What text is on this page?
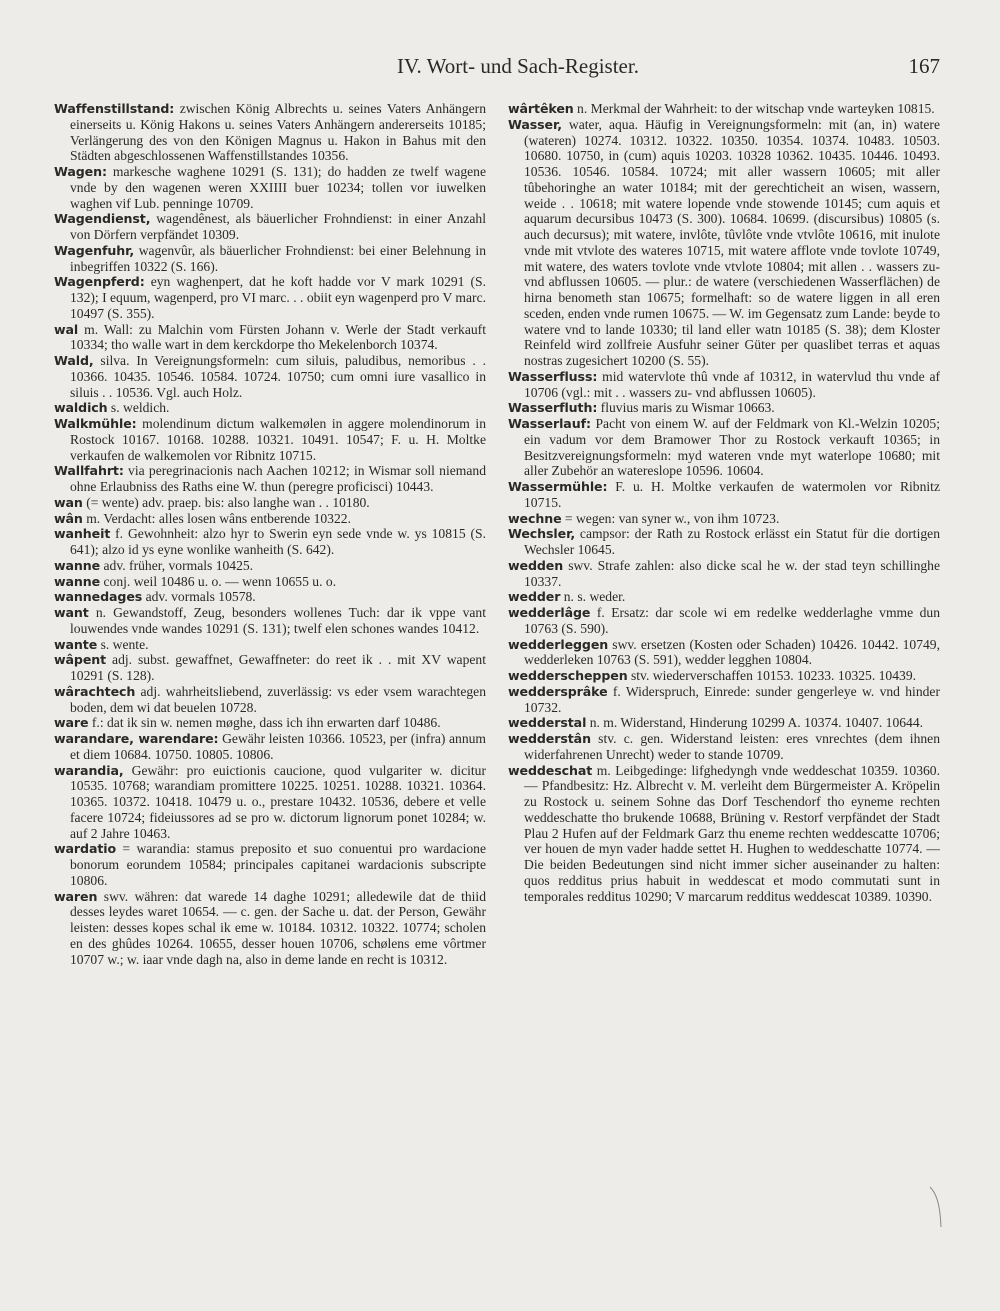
IV. Wort- und Sach-Register.	167

Waffenstillstand: zwischen König Albrechts u. seines Vaters Anhängern einerseits u. König Hakons u. seines Vaters Anhängern andererseits 10185; Verlängerung des von den Königen Magnus u. Hakon in Bahus mit den Städten abgeschlossenen Waffenstillstandes 10356.

Wagen: markesche waghene 10291 (S. 131); do hadden ze twelf wagene vnde by den wagenen weren XXIIII buer 10234; tollen vor iuwelken waghen vif Lub. penninge 10709.

Wagendienst, wagendênest, als bäuerlicher Frohndienst: in einer Anzahl von Dörfern verpfändet 10309.

Wagenfuhr, wagenvûr, als bäuerlicher Frohndienst: bei einer Belehnung in inbegriffen 10322 (S. 166).

Wagenpferd: eyn waghenpert, dat he koft hadde vor V mark 10291 (S. 132); I equum, wagenperd, pro VI marc. . . obiit eyn wagenperd pro V marc. 10497 (S. 355).

wal m. Wall: zu Malchin vom Fürsten Johann v. Werle der Stadt verkauft 10334; tho walle wart in dem kerckdorpe tho Mekelenborch 10374.

Wald, silva. In Vereignungsformeln: cum siluis, paludibus, nemoribus . . 10366. 10435. 10546. 10584. 10724. 10750; cum omni iure vasallico in siluis . . 10536. Vgl. auch Holz.

waldich s. weldich.

Walkmühle: molendinum dictum walkemølen in aggere molendinorum in Rostock 10167. 10168. 10288. 10321. 10491. 10547; F. u. H. Moltke verkaufen de walkemolen vor Ribnitz 10715.

Wallfahrt: via peregrinacionis nach Aachen 10212; in Wismar soll niemand ohne Erlaubniss des Raths eine W. thun (peregre proficisci) 10443.

wan (= wente) adv. praep. bis: also langhe wan . . 10180.

wân m. Verdacht: alles losen wâns entberende 10322.

wanheit f. Gewohnheit: alzo hyr to Swerin eyn sede vnde w. ys 10815 (S. 641); alzo id ys eyne wonlike wanheith (S. 642).

wanne adv. früher, vormals 10425.

wanne conj. weil 10486 u. o. — wenn 10655 u. o.

wannedages adv. vormals 10578.

want n. Gewandstoff, Zeug, besonders wollenes Tuch: dar ik vppe vant louwendes vnde wandes 10291 (S. 131); twelf elen schones wandes 10412.

wante s. wente.

wâpent adj. subst. gewaffnet, Gewaffneter: do reet ik . . mit XV wapent 10291 (S. 128).

wârachtech adj. wahrheitsliebend, zuverlässig: vs eder vsem warachtegen boden, dem wi dat beuelen 10728.

ware f.: dat ik sin w. nemen møghe, dass ich ihn erwarten darf 10486.

warandare, warendare: Gewähr leisten 10366. 10523, per (infra) annum et diem 10684. 10750. 10805. 10806.

warandia, Gewähr: pro euictionis caucione, quod vulgariter w. dicitur 10535. 10768; warandiam promittere 10225. 10251. 10288. 10321. 10364. 10365. 10372. 10418. 10479 u. o., prestare 10432. 10536, debere et velle facere 10724; fideiussores ad se pro w. dictorum lignorum ponet 10284; w. auf 2 Jahre 10463.

wardatio = warandia: stamus preposito et suo conuentui pro wardacione bonorum eorundem 10584; principales capitanei wardacionis subscripte 10806.

waren swv. währen: dat warede 14 daghe 10291; alledewile dat de thiid desses leydes waret 10654. — c. gen. der Sache u. dat. der Person, Gewähr leisten: desses kopes schal ik eme w. 10184. 10312. 10322. 10774; scholen en des ghûdes 10264. 10655, desser houen 10706, schølens eme vôrtmer 10707 w.; w. iaar vnde dagh na, also in deme lande en recht is 10312.

wârtêken n. Merkmal der Wahrheit: to der witschap vnde warteyken 10815.

Wasser, water, aqua. Häufig in Vereignungsformeln: mit (an, in) watere (wateren) 10274. 10312. 10322. 10350. 10354. 10374. 10483. 10503. 10680. 10750, in (cum) aquis 10203. 10328 10362. 10435. 10446. 10493. 10536. 10546. 10584. 10724; mit aller wassern 10605; mit aller tûbehoringhe an water 10184; mit der gerechticheit an wisen, wassern, weide . . 10618; mit watere lopende vnde stowende 10145; cum aquis et aquarum decursibus 10473 (S. 300). 10684. 10699. (discursibus) 10805 (s. auch decursus); mit watere, invlôte, tûvlôte vnde vtvlôte 10616, mit inulote vnde mit vtvlote des wateres 10715, mit watere afflote vnde tovlote 10749, mit watere, des waters tovlote vnde vtvlote 10804; mit allen . . wassers zu- vnd abflussen 10605. — plur.: de watere (verschiedenen Wasserflächen) de hirna benometh stan 10675; formelhaft: so de watere liggen in all eren sceden, enden vnde rumen 10675. — W. im Gegensatz zum Lande: beyde to watere vnd to lande 10330; til land eller watn 10185 (S. 38); dem Kloster Reinfeld wird zollfreie Ausfuhr seiner Güter per quaslibet terras et aquas nostras zugesichert 10200 (S. 55).

Wasserfluss: mid watervlote thû vnde af 10312, in watervlud thu vnde af 10706 (vgl.: mit . . wassers zu- vnd abflussen 10605).

Wasserfluth: fluvius maris zu Wismar 10663.

Wasserlauf: Pacht von einem W. auf der Feldmark von Kl.-Welzin 10205; ein vadum vor dem Bramower Thor zu Rostock verkauft 10365; in Besitzvereignungsformeln: myd wateren vnde myt waterlope 10680; mit aller Zubehör an watereslope 10596. 10604.

Wassermühle: F. u. H. Moltke verkaufen de watermolen vor Ribnitz 10715.

wechne = wegen: van syner w., von ihm 10723.

Wechsler, campsor: der Rath zu Rostock erlässt ein Statut für die dortigen Wechsler 10645.

wedden swv. Strafe zahlen: also dicke scal he w. der stad teyn schillinghe 10337.

wedder n. s. weder.

wedderlâge f. Ersatz: dar scole wi em redelke wedderlaghe vmme dun 10763 (S. 590).

wedderleggen swv. ersetzen (Kosten oder Schaden) 10426. 10442. 10749, wedderleken 10763 (S. 591), wedder legghen 10804.

wedderscheppen stv. wiederverschaffen 10153. 10233. 10325. 10439.

weddersprâke f. Widerspruch, Einrede: sunder gengerleye w. vnd hinder 10732.

wedderstal n. m. Widerstand, Hinderung 10299 A. 10374. 10407. 10644.

wedderstân stv. c. gen. Widerstand leisten: eres vnrechtes (dem ihnen widerfahrenen Unrecht) weder to stande 10709.

weddeschat m. Leibgedinge: lifghedyngh vnde weddeschat 10359. 10360. — Pfandbesitz: Hz. Albrecht v. M. verleiht dem Bürgermeister A. Kröpelin zu Rostock u. seinem Sohne das Dorf Teschendorf tho eyneme rechten weddeschatte tho brukende 10688, Brüning v. Restorf verpfändet der Stadt Plau 2 Hufen auf der Feldmark Garz thu eneme rechten weddescatte 10706; ver houen de myn vader hadde settet H. Hughen to weddeschatte 10774. — Die beiden Bedeutungen sind nicht immer sicher auseinander zu halten: quos redditus prius habuit in weddescat et modo commutati sunt in temporales redditus 10290; V marcarum redditus weddescat 10389. 10390.
